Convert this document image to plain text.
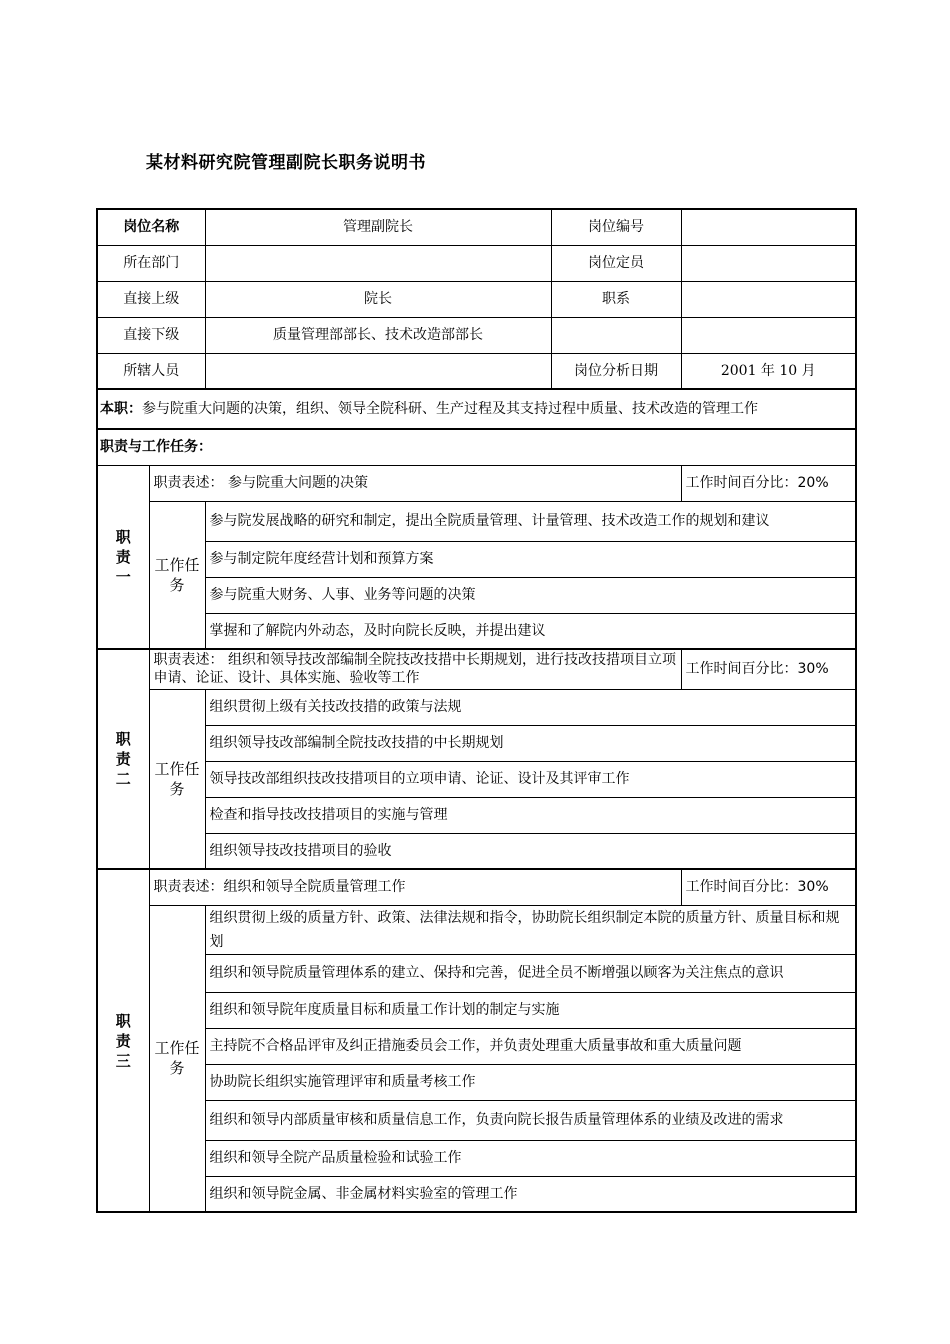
某材料研究院管理副院长职务说明书
岗位名称		管理副院长	岗位编号	
所在部门			岗位定员	
直接上级		院长	职系	
直接下级		质量管理部部长、技术改造部部长		
所辖人员			岗位分析日期	2001 年 10 月
本职：参与院重大问题的决策，组织、领导全院科研、生产过程及其支持过程中质量、技术改造的管理工作				
职责与工作任务：				

职
责
一	职责表述： 参与院重大问题的决策			工作时间百分比：20%
	工作任务	参与院发展战略的研究和制定，提出全院质量管理、计量管理、技术改造工作的规划和建议		
		参与制定院年度经营计划和预算方案		
		参与院重大财务、人事、业务等问题的决策		
		掌握和了解院内外动态，及时向院长反映，并提出建议		

职
责
二	职责表述： 组织和领导技改部编制全院技改技措中长期规划，进行技改技措项目立项申请、论证、设计、具体实施、验收等工作			工作时间百分比：30%
	工作任务	组织贯彻上级有关技改技措的政策与法规		
		组织领导技改部编制全院技改技措的中长期规划		
		领导技改部组织技改技措项目的立项申请、论证、设计及其评审工作		
		检查和指导技改技措项目的实施与管理		
		组织领导技改技措项目的验收		

职
责
三	职责表述：组织和领导全院质量管理工作			工作时间百分比：30%
	工作任务	组织贯彻上级的质量方针、政策、法律法规和指令，协助院长组织制定本院的质量方针、质量目标和规划		
		组织和领导院质量管理体系的建立、保持和完善，促进全员不断增强以顾客为关注焦点的意识		
		组织和领导院年度质量目标和质量工作计划的制定与实施		
		主持院不合格品评审及纠正措施委员会工作，并负责处理重大质量事故和重大质量问题		
		协助院长组织实施管理评审和质量考核工作		
		组织和领导内部质量审核和质量信息工作，负责向院长报告质量管理体系的业绩及改进的需求		
		组织和领导全院产品质量检验和试验工作		
		组织和领导院金属、非金属材料实验室的管理工作		
